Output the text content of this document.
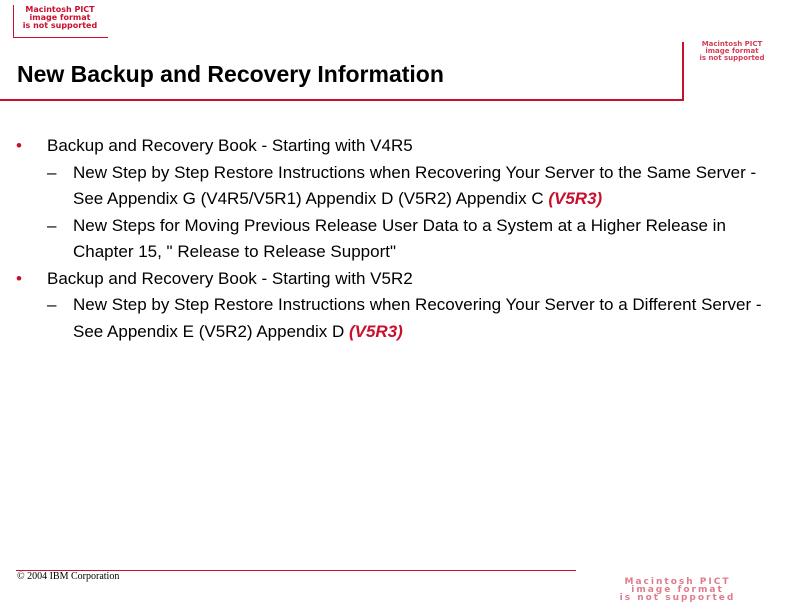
Macintosh PICT
image format
is not supported
Macintosh PICT
image format
is not supported
New Backup and Recovery Information
• Backup and Recovery Book - Starting with V4R5
– New Step by Step Restore Instructions when Recovering Your Server to the Same Server - See Appendix G (V4R5/V5R1) Appendix D (V5R2) Appendix C (V5R3)
– New Steps for Moving Previous Release User Data to a System at a Higher Release in Chapter 15, " Release to Release Support"
• Backup and Recovery Book - Starting with V5R2
– New Step by Step Restore Instructions when Recovering Your Server to a Different Server - See Appendix E (V5R2) Appendix D (V5R3)
© 2004 IBM Corporation	Macintosh PICT
image format
is not supported
